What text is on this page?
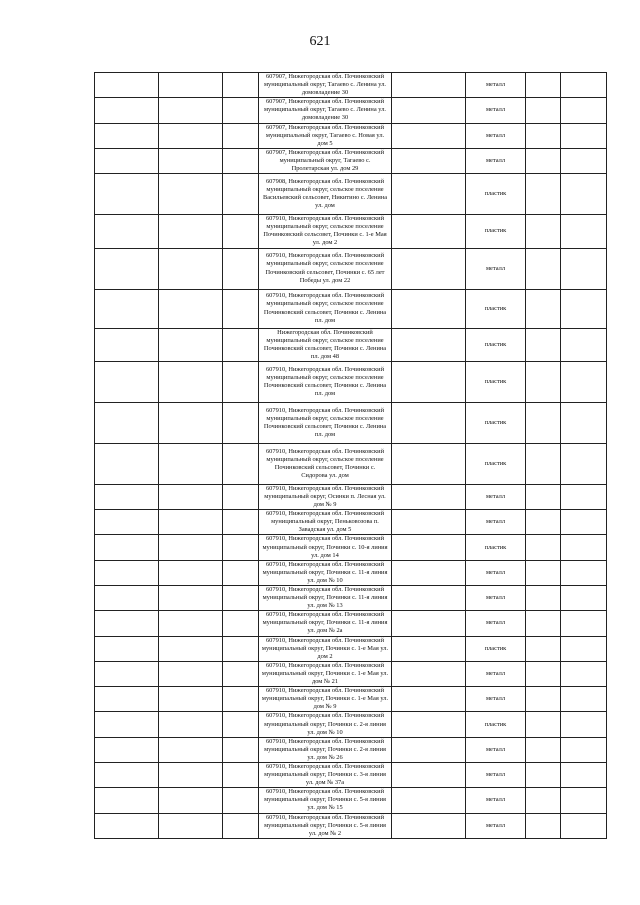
621
			607907, Нижегородская обл. Починковский муниципальный округ, Тагаево с. Ленина ул. домовладение 30		металл		
			607907, Нижегородская обл. Починковский муниципальный округ, Тагаево с. Ленина ул. домовладение 30		металл		
			607907, Нижегородская обл. Починковский муниципальный округ, Тагаево с. Новая ул. дом 5		металл		
			607907, Нижегородская обл. Починковский муниципальный округ, Тагаево с. Пролетарская ул. дом 29		металл		
			607908, Нижегородская обл. Починковский муниципальный округ, сельское поселение Васильевский сельсовет, Никитино с. Ленина ул. дом		пластик		
			607910, Нижегородская обл. Починковский муниципальный округ, сельское поселение Починковский сельсовет, Починки с. 1-е Мая ул. дом 2		пластик		
			607910, Нижегородская обл. Починковский муниципальный округ, сельское поселение Починковский сельсовет, Починки с. 65 лет Победы ул. дом 22		металл		
			607910, Нижегородская обл. Починковский муниципальный округ, сельское поселение Починковский сельсовет, Починки с. Ленина пл. дом		пластик		
			Нижегородская обл. Починковский муниципальный округ, сельское поселение Починковский сельсовет, Починки с. Ленина пл. дом 48		пластик		
			607910, Нижегородская обл. Починковский муниципальный округ, сельское поселение Починковский сельсовет, Починки с. Ленина пл. дом		пластик		
			607910, Нижегородская обл. Починковский муниципальный округ, сельское поселение Починковский сельсовет, Починки с. Ленина пл. дом		пластик		
			607910, Нижегородская обл. Починковский муниципальный округ, сельское поселение Починковский сельсовет, Починки с. Сидорова ул. дом		пластик		
			607910, Нижегородская обл. Починковский муниципальный округ, Осинки п. Лесная ул. дом № 9		металл		
			607910, Нижегородская обл. Починковский муниципальный округ, Пеньковозова п. Завадская ул. дом 5		металл		
			607910, Нижегородская обл. Починковский муниципальный округ, Починки с. 10-я линия ул. дом 14		пластик		
			607910, Нижегородская обл. Починковский муниципальный округ, Починки с. 11-я линия ул. дом № 10		металл		
			607910, Нижегородская обл. Починковский муниципальный округ, Починки с. 11-я линия ул. дом № 13		металл		
			607910, Нижегородская обл. Починковский муниципальный округ, Починки с. 11-я линия ул. дом № 2а		металл		
			607910, Нижегородская обл. Починковский муниципальный округ, Починки с. 1-е Мая ул. дом 2		пластик		
			607910, Нижегородская обл. Починковский муниципальный округ, Починки с. 1-е Мая ул. дом № 21		металл		
			607910, Нижегородская обл. Починковский муниципальный округ, Починки с. 1-е Мая ул. дом № 9		металл		
			607910, Нижегородская обл. Починковский муниципальный округ, Починки с. 2-я линия ул. дом № 10		пластик		
			607910, Нижегородская обл. Починковский муниципальный округ, Починки с. 2-я линия ул. дом № 26		металл		
			607910, Нижегородская обл. Починковский муниципальный округ, Починки с. 3-я линия ул. дом № 37а		металл		
			607910, Нижегородская обл. Починковский муниципальный округ, Починки с. 5-я линия ул. дом № 15		металл		
			607910, Нижегородская обл. Починковский муниципальный округ, Починки с. 5-я линия ул. дом № 2		металл		
